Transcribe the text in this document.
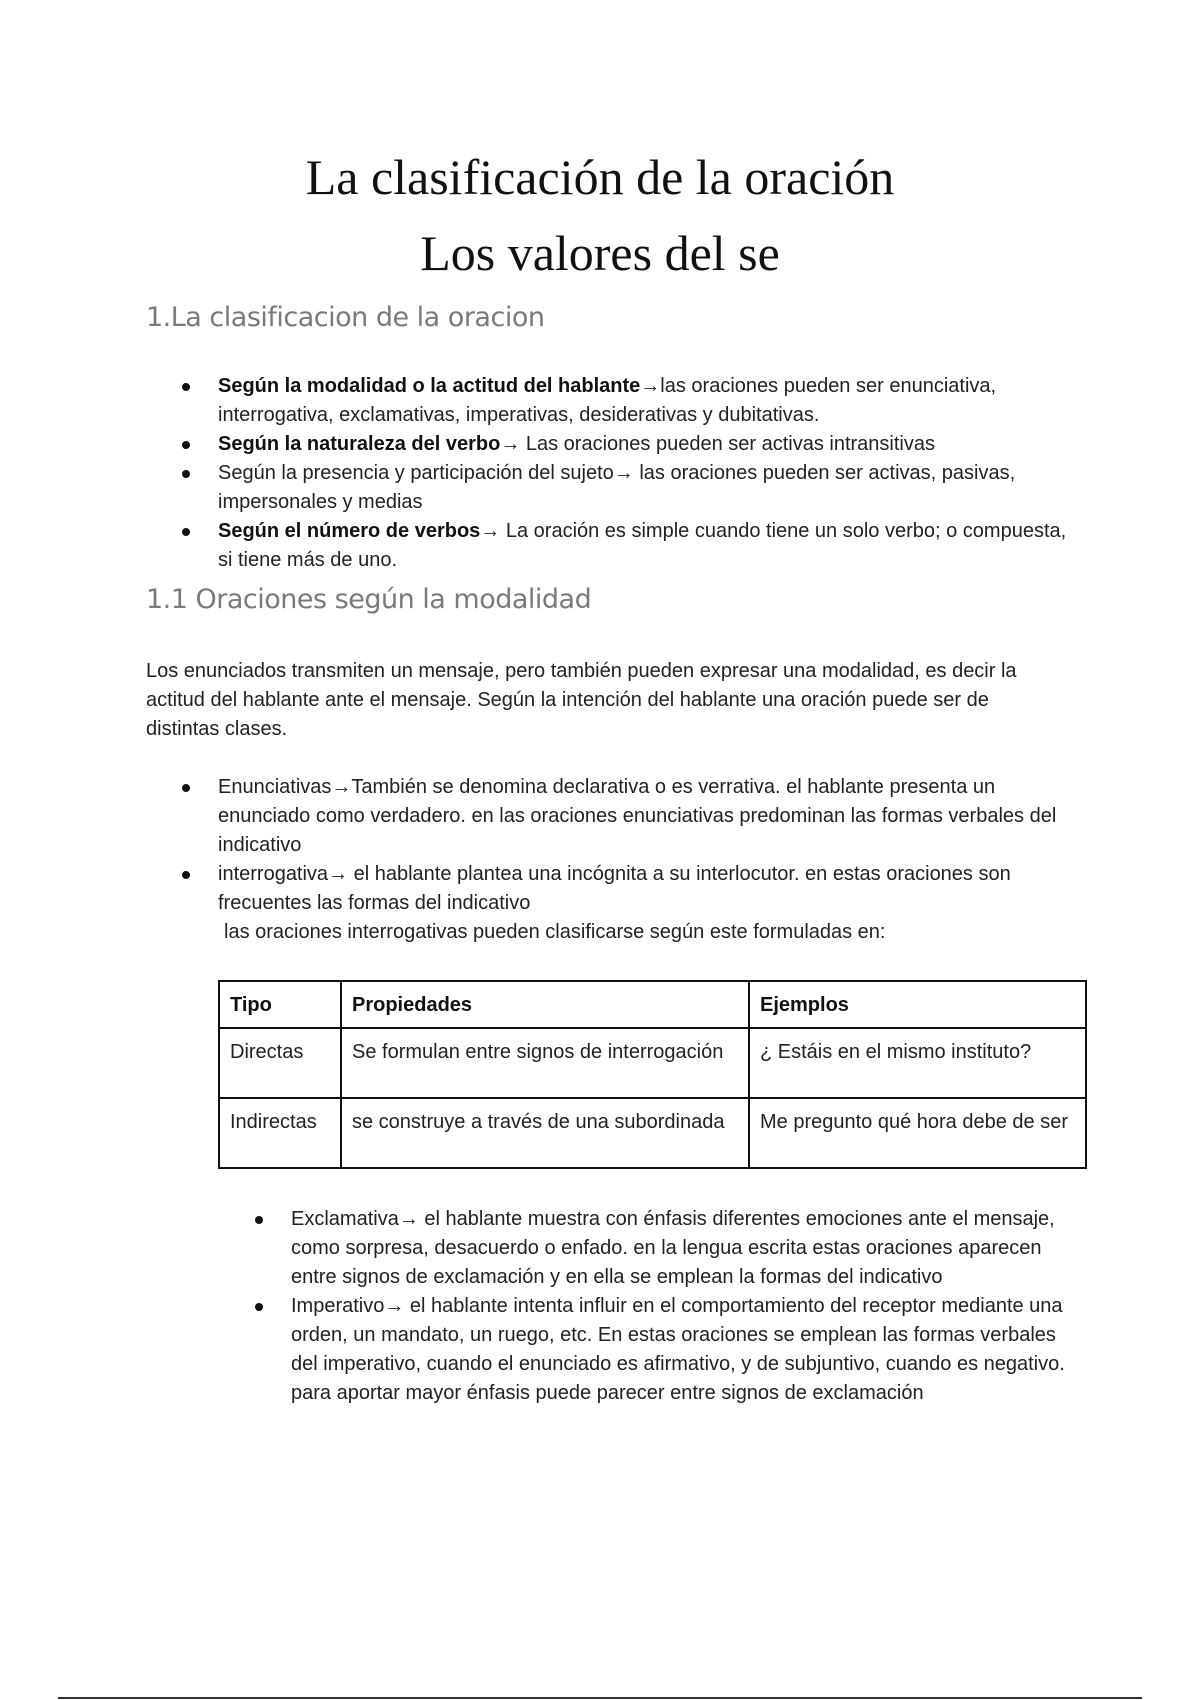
La clasificación de la oración
Los valores del se
1.La clasificacion de la oracion
Según la modalidad o la actitud del hablante→las oraciones pueden ser enunciativa, interrogativa, exclamativas, imperativas, desiderativas y dubitativas.
Según la naturaleza del verbo→ Las oraciones pueden ser activas intransitivas
Según la presencia y participación del sujeto→ las oraciones pueden ser activas, pasivas, impersonales y medias
Según el número de verbos→ La oración es simple cuando tiene un solo verbo; o compuesta, si tiene más de uno.
1.1 Oraciones según la modalidad

Los enunciados transmiten un mensaje, pero también pueden expresar una modalidad, es decir la actitud del hablante ante el mensaje. Según la intención del hablante una oración puede ser de distintas clases.

Enunciativas→También se denomina declarativa o es verrativa. el hablante presenta un enunciado como verdadero. en las oraciones enunciativas predominan las formas verbales del indicativo
interrogativa→ el hablante plantea una incógnita a su interlocutor. en estas oraciones son frecuentes las formas del indicativo
las oraciones interrogativas pueden clasificarse según este formuladas en:
Tipo	Propiedades	Ejemplos
Directas	Se formulan entre signos de interrogación	¿ Estáis en el mismo instituto?
Indirectas	se construye a través de una subordinada	Me pregunto qué hora debe de ser
Exclamativa→ el hablante muestra con énfasis diferentes emociones ante el mensaje, como sorpresa, desacuerdo o enfado. en la lengua escrita estas oraciones aparecen entre signos de exclamación y en ella se emplean la formas del indicativo
Imperativo→ el hablante intenta influir en el comportamiento del receptor mediante una orden, un mandato, un ruego, etc. En estas oraciones se emplean las formas verbales del imperativo, cuando el enunciado es afirmativo, y de subjuntivo, cuando es negativo. para aportar mayor énfasis puede parecer entre signos de exclamación
